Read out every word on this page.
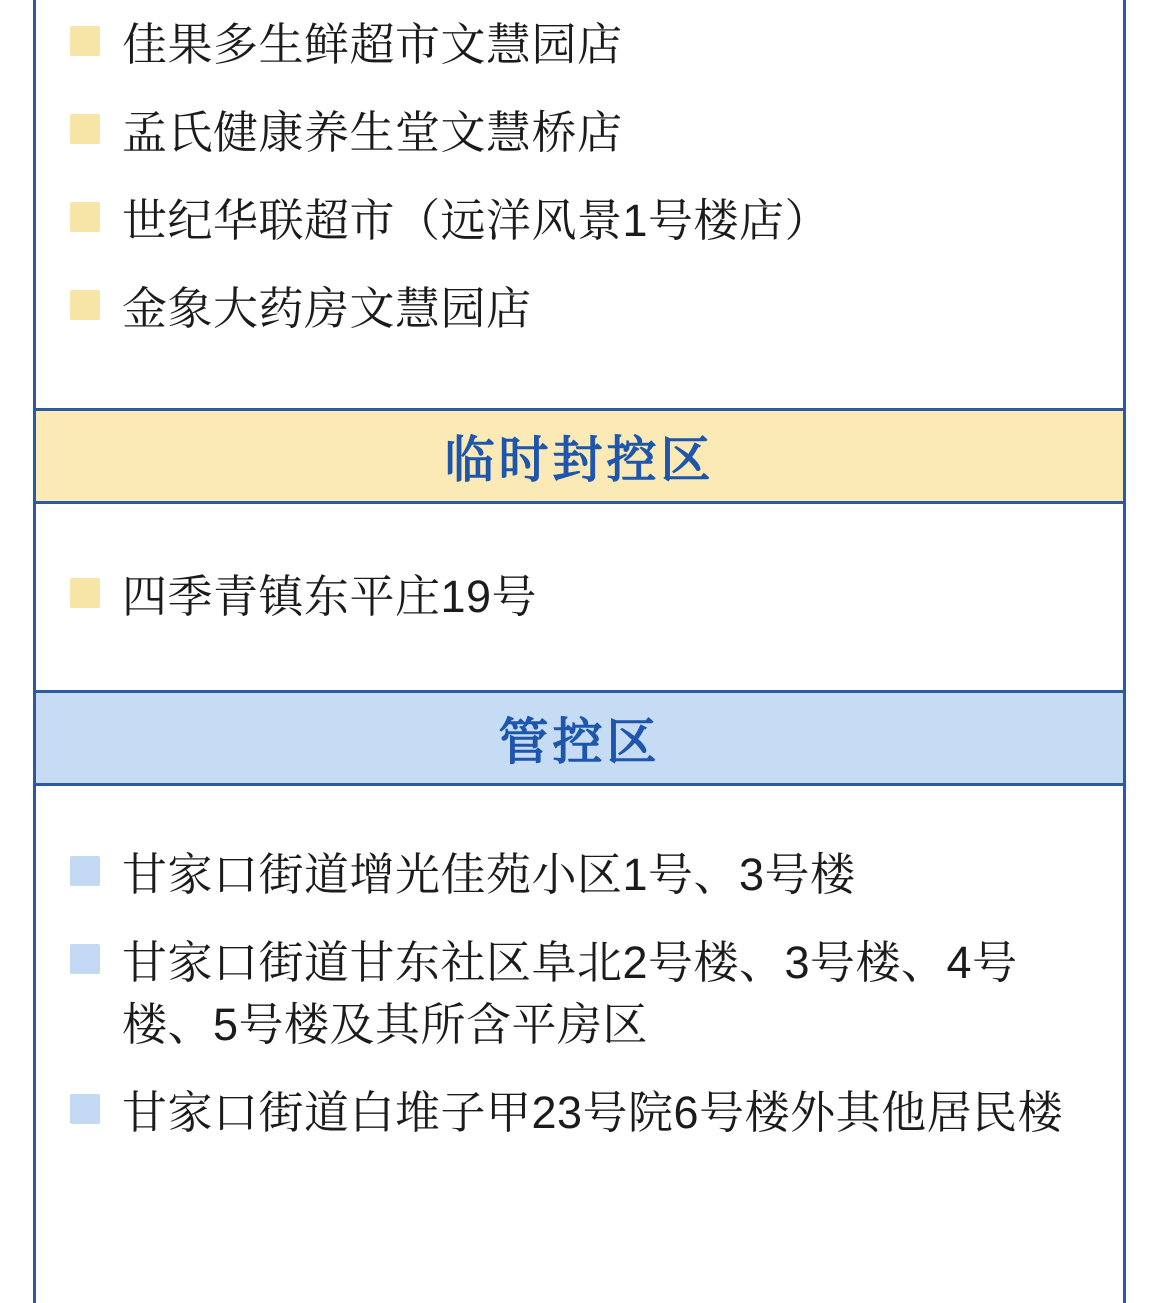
佳果多生鲜超市文慧园店
孟氏健康养生堂文慧桥店
世纪华联超市（远洋风景1号楼店）
金象大药房文慧园店
临时封控区
四季青镇东平庄19号
管控区
甘家口街道增光佳苑小区1号、3号楼
甘家口街道甘东社区阜北2号楼、3号楼、4号楼、5号楼及其所含平房区
甘家口街道白堆子甲23号院6号楼外其他居民楼
